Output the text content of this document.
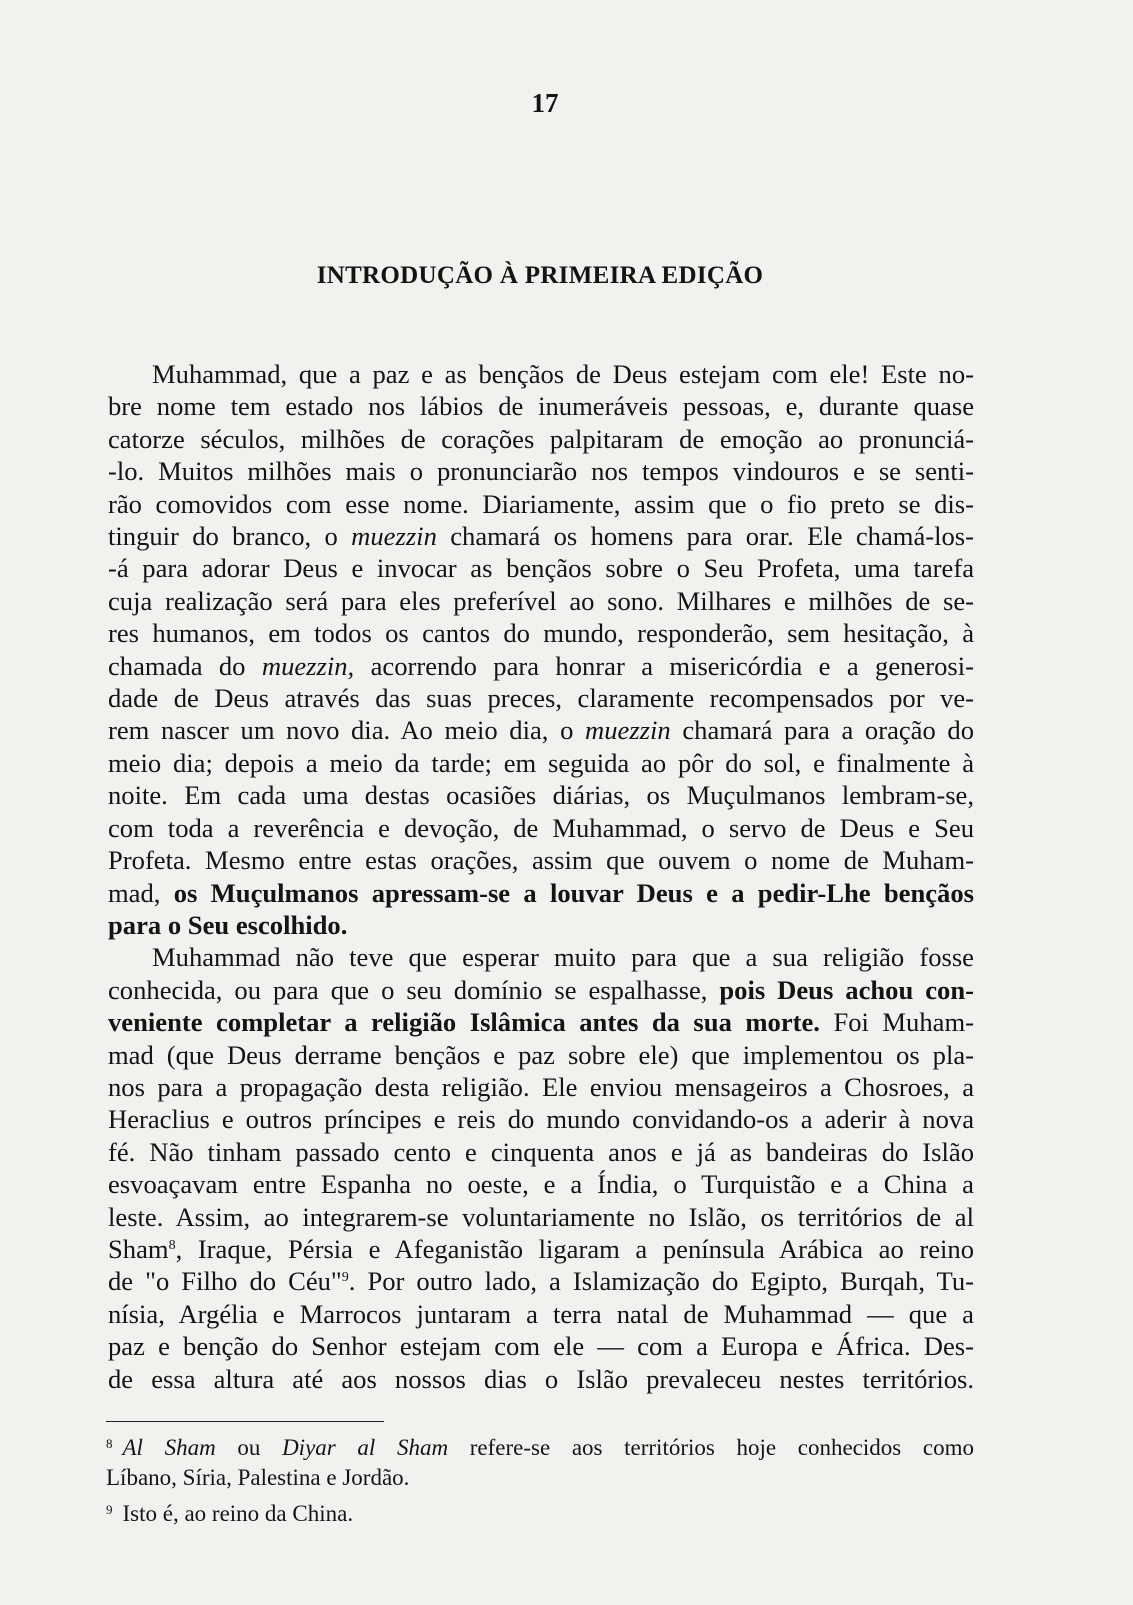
17
INTRODUÇÃO À PRIMEIRA EDIÇÃO
Muhammad, que a paz e as bençãos de Deus estejam com ele! Este no-
bre nome tem estado nos lábios de inumeráveis pessoas, e, durante quase
catorze séculos, milhões de corações palpitaram de emoção ao pronunciá-
-lo. Muitos milhões mais o pronunciarão nos tempos vindouros e se senti-
rão comovidos com esse nome. Diariamente, assim que o fio preto se dis-
tinguir do branco, o muezzin chamará os homens para orar. Ele chamá-los-
-á para adorar Deus e invocar as bençãos sobre o Seu Profeta, uma tarefa
cuja realização será para eles preferível ao sono. Milhares e milhões de se-
res humanos, em todos os cantos do mundo, responderão, sem hesitação, à
chamada do muezzin, acorrendo para honrar a misericórdia e a generosi-
dade de Deus através das suas preces, claramente recompensados por ve-
rem nascer um novo dia. Ao meio dia, o muezzin chamará para a oração do
meio dia; depois a meio da tarde; em seguida ao pôr do sol, e finalmente à
noite. Em cada uma destas ocasiões diárias, os Muçulmanos lembram-se,
com toda a reverência e devoção, de Muhammad, o servo de Deus e Seu
Profeta. Mesmo entre estas orações, assim que ouvem o nome de Muham-
mad, os Muçulmanos apressam-se a louvar Deus e a pedir-Lhe bençãos
para o Seu escolhido.
Muhammad não teve que esperar muito para que a sua religião fosse
conhecida, ou para que o seu domínio se espalhasse, pois Deus achou con-
veniente completar a religião Islâmica antes da sua morte. Foi Muham-
mad (que Deus derrame bençãos e paz sobre ele) que implementou os pla-
nos para a propagação desta religião. Ele enviou mensageiros a Chosroes, a
Heraclius e outros príncipes e reis do mundo convidando-os a aderir à nova
fé. Não tinham passado cento e cinquenta anos e já as bandeiras do Islão
esvoaçavam entre Espanha no oeste, e a Índia, o Turquistão e a China a
leste. Assim, ao integrarem-se voluntariamente no Islão, os territórios de al
Sham$^8$, Iraque, Pérsia e Afeganistão ligaram a península Arábica ao reino
de "o Filho do Céu"$^9$. Por outro lado, a Islamização do Egipto, Burqah, Tu-
nísia, Argélia e Marrocos juntaram a terra natal de Muhammad — que a
paz e benção do Senhor estejam com ele — com a Europa e África. Des-
de essa altura até aos nossos dias o Islão prevaleceu nestes territórios.
$^8$ Al Sham ou Diyar al Sham refere-se aos territórios hoje conhecidos como
Líbano, Síria, Palestina e Jordão.
$^9$ Isto é, ao reino da China.
